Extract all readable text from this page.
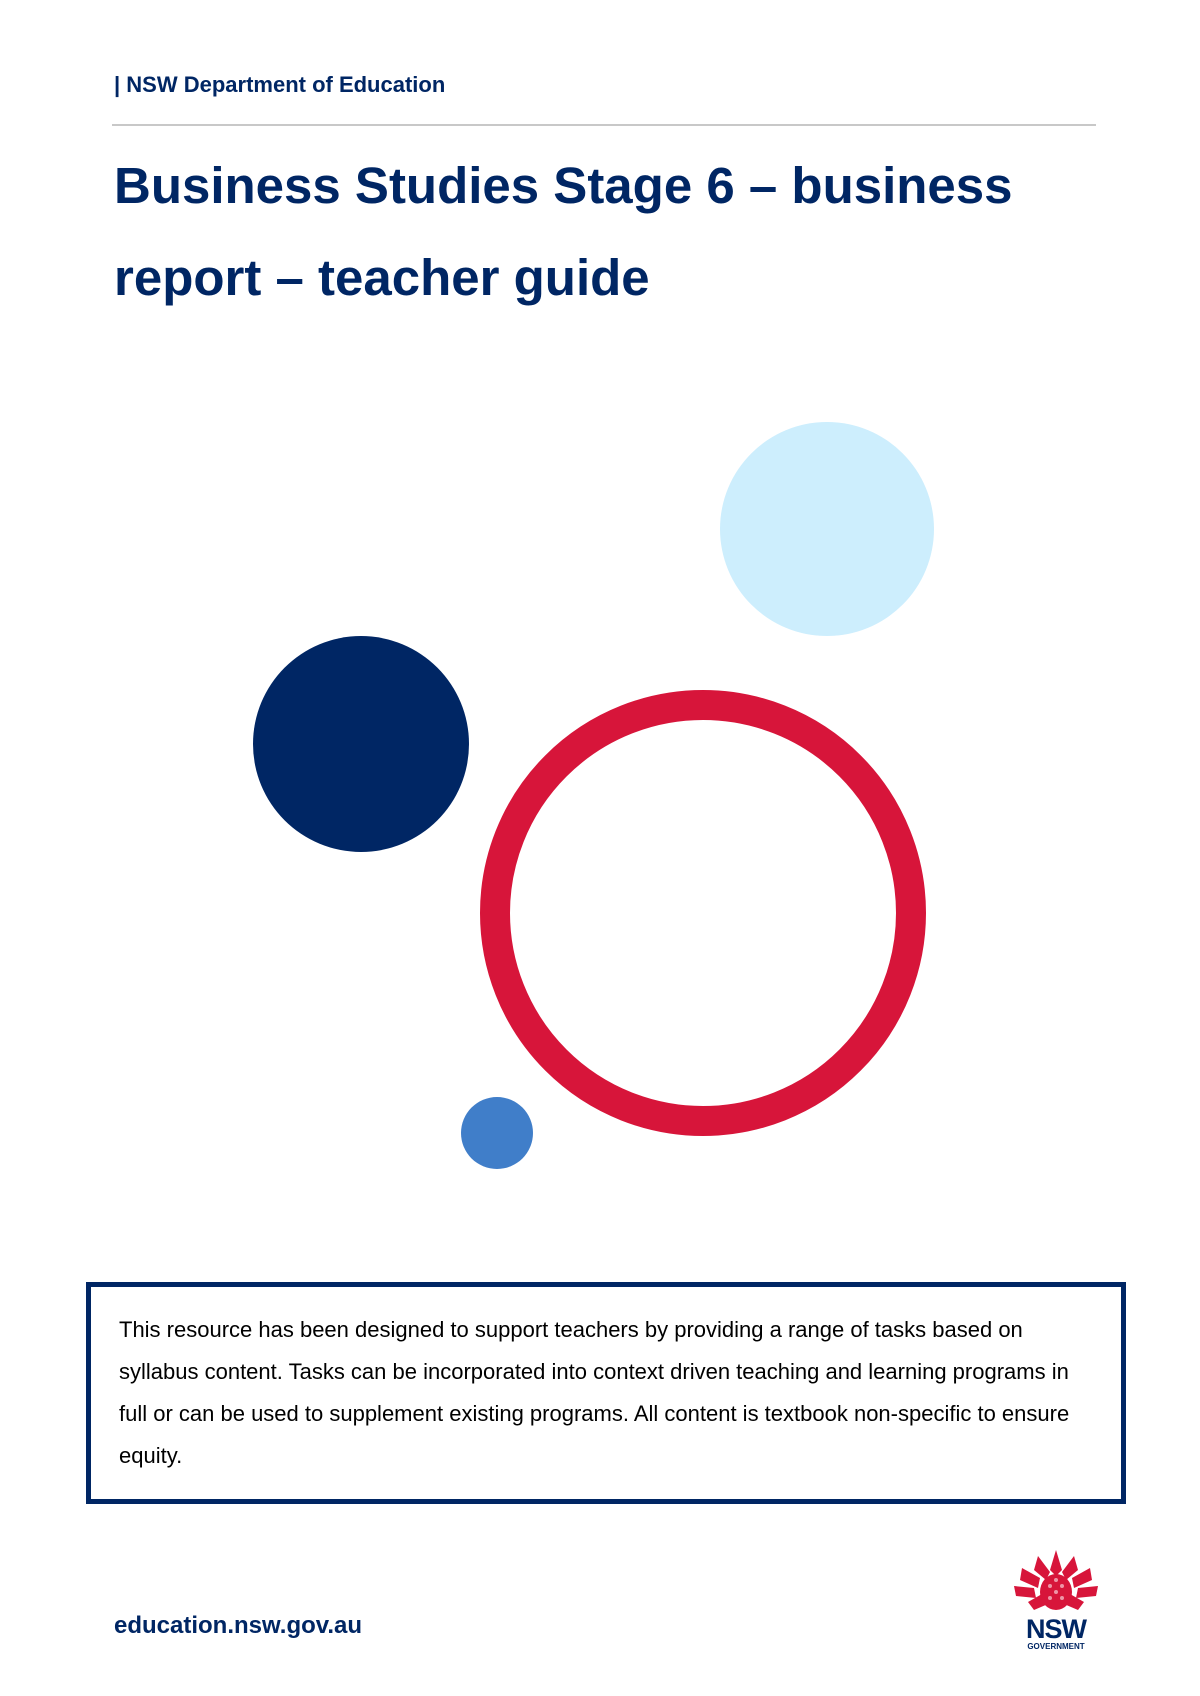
| NSW Department of Education
Business Studies Stage 6 – business report – teacher guide

This resource has been designed to support teachers by providing a range of tasks based on syllabus content. Tasks can be incorporated into context driven teaching and learning programs in full or can be used to supplement existing programs. All content is textbook non-specific to ensure equity.

education.nsw.gov.au	NSW
GOVERNMENT
